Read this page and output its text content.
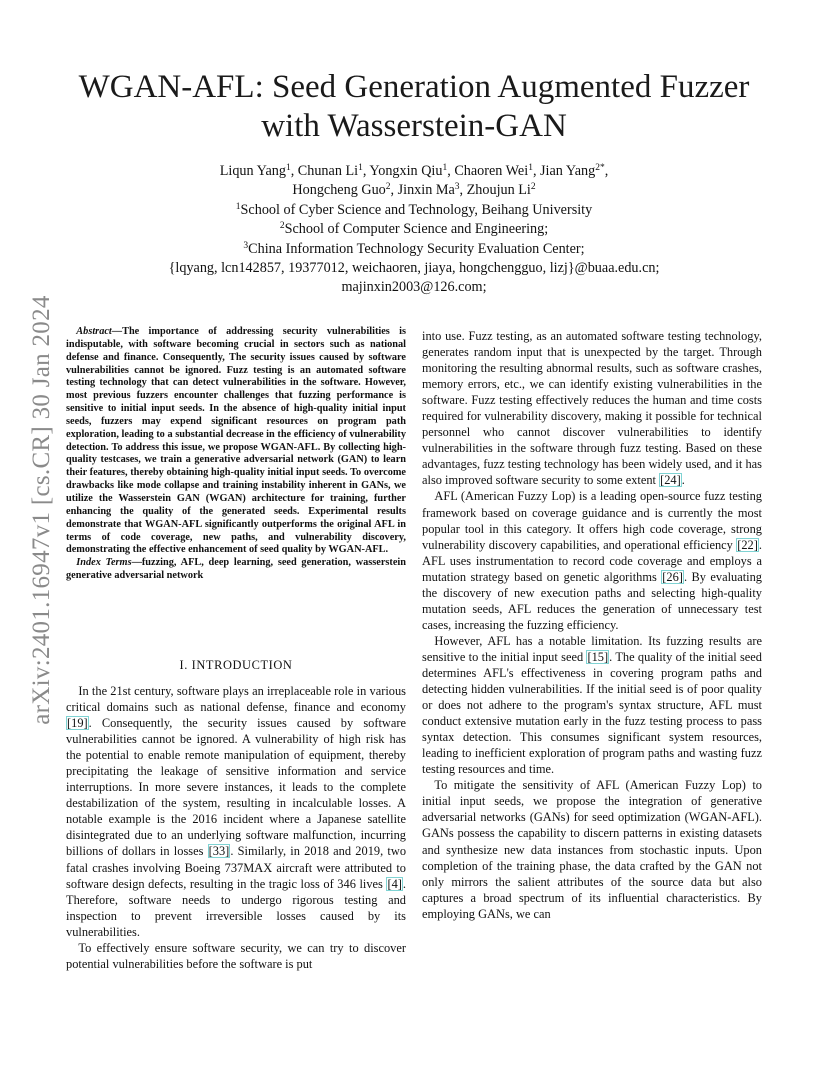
arXiv:2401.16947v1 [cs.CR] 30 Jan 2024
WGAN-AFL: Seed Generation Augmented Fuzzer
with Wasserstein-GAN
Liqun Yang$^1$, Chunan Li$^1$, Yongxin Qiu$^1$, Chaoren Wei$^1$, Jian Yang$^{2*}$,
Hongcheng Guo$^2$, Jinxin Ma$^3$, Zhoujun Li$^2$
$^1$School of Cyber Science and Technology, Beihang University
$^2$School of Computer Science and Engineering;
$^3$China Information Technology Security Evaluation Center;
{lqyang, lcn142857, 19377012, weichaoren, jiaya, hongchengguo, lizj}@buaa.edu.cn;
majinxin2003@126.com;

Abstract—The importance of addressing security vulnerabilities is indisputable, with software becoming crucial in sectors such as national defense and finance. Consequently, The security issues caused by software vulnerabilities cannot be ignored. Fuzz testing is an automated software testing technology that can detect vulnerabilities in the software. However, most previous fuzzers encounter challenges that fuzzing performance is sensitive to initial input seeds. In the absence of high-quality initial input seeds, fuzzers may expend significant resources on program path exploration, leading to a substantial decrease in the efficiency of vulnerability detection. To address this issue, we propose WGAN-AFL. By collecting high-quality testcases, we train a generative adversarial network (GAN) to learn their features, thereby obtaining high-quality initial input seeds. To overcome drawbacks like mode collapse and training instability inherent in GANs, we utilize the Wasserstein GAN (WGAN) architecture for training, further enhancing the quality of the generated seeds. Experimental results demonstrate that WGAN-AFL significantly outperforms the original AFL in terms of code coverage, new paths, and vulnerability discovery, demonstrating the effective enhancement of seed quality by WGAN-AFL.

Index Terms—fuzzing, AFL, deep learning, seed generation, wasserstein generative adversarial network

I. INTRODUCTION

In the 21st century, software plays an irreplaceable role in various critical domains such as national defense, finance and economy [19]. Consequently, the security issues caused by software vulnerabilities cannot be ignored. A vulnerability of high risk has the potential to enable remote manipulation of equipment, thereby precipitating the leakage of sensitive information and service interruptions. In more severe instances, it leads to the complete destabilization of the system, resulting in incalculable losses. A notable example is the 2016 incident where a Japanese satellite disintegrated due to an underlying software malfunction, incurring billions of dollars in losses [33]. Similarly, in 2018 and 2019, two fatal crashes involving Boeing 737MAX aircraft were attributed to software design defects, resulting in the tragic loss of 346 lives [4]. Therefore, software needs to undergo rigorous testing and inspection to prevent irreversible losses caused by its vulnerabilities.

To effectively ensure software security, we can try to discover potential vulnerabilities before the software is put

into use. Fuzz testing, as an automated software testing technology, generates random input that is unexpected by the target. Through monitoring the resulting abnormal results, such as software crashes, memory errors, etc., we can identify existing vulnerabilities in the software. Fuzz testing effectively reduces the human and time costs required for vulnerability discovery, making it possible for technical personnel who cannot discover vulnerabilities to identify vulnerabilities in the software through fuzz testing. Based on these advantages, fuzz testing technology has been widely used, and it has also improved software security to some extent [24].

AFL (American Fuzzy Lop) is a leading open-source fuzz testing framework based on coverage guidance and is currently the most popular tool in this category. It offers high code coverage, strong vulnerability discovery capabilities, and operational efficiency [22]. AFL uses instrumentation to record code coverage and employs a mutation strategy based on genetic algorithms [26]. By evaluating the discovery of new execution paths and selecting high-quality mutation seeds, AFL reduces the generation of unnecessary test cases, increasing the fuzzing efficiency.

However, AFL has a notable limitation. Its fuzzing results are sensitive to the initial input seed [15]. The quality of the initial seed determines AFL's effectiveness in covering program paths and detecting hidden vulnerabilities. If the initial seed is of poor quality or does not adhere to the program's syntax structure, AFL must conduct extensive mutation early in the fuzz testing process to pass syntax detection. This consumes significant system resources, leading to inefficient exploration of program paths and wasting fuzz testing resources and time.

To mitigate the sensitivity of AFL (American Fuzzy Lop) to initial input seeds, we propose the integration of generative adversarial networks (GANs) for seed optimization (WGAN-AFL). GANs possess the capability to discern patterns in existing datasets and synthesize new data instances from stochastic inputs. Upon completion of the training phase, the data crafted by the GAN not only mirrors the salient attributes of the source data but also captures a broad spectrum of its influential characteristics. By employing GANs, we can
